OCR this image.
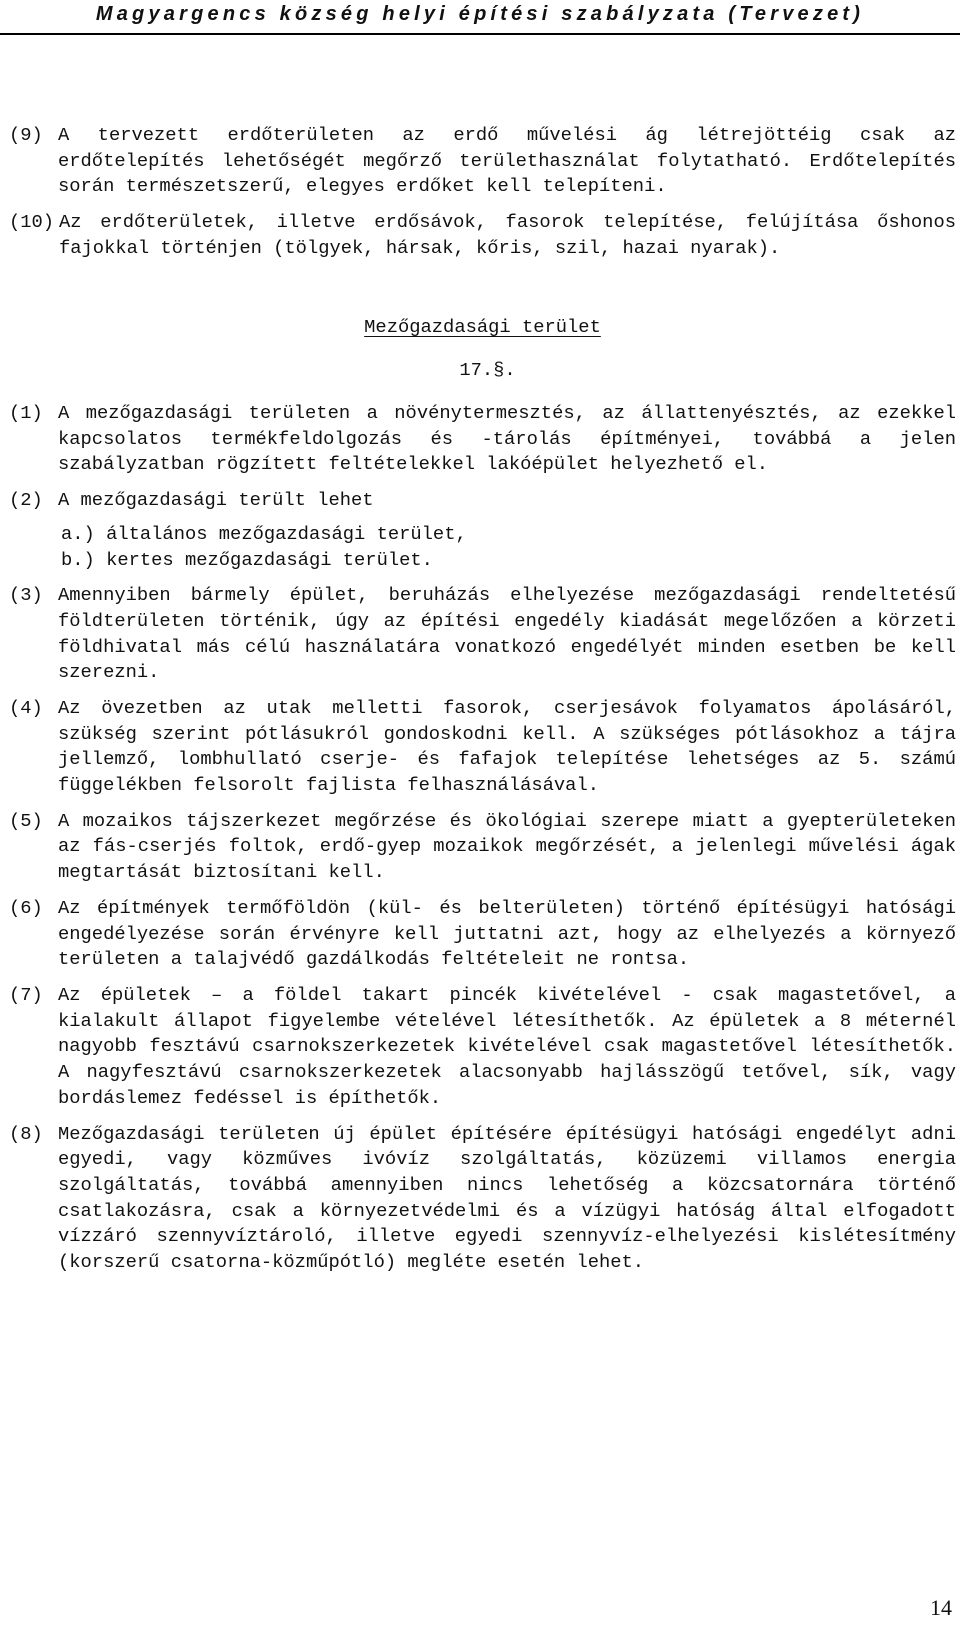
Magyargencs község helyi építési szabályzata (Tervezet)
(9) A tervezett erdőterületen az erdő művelési ág létrejöttéig csak az erdőtelepítés lehetőségét megőrző területhasználat folytatható. Erdőtelepítés során természetszerű, elegyes erdőket kell telepíteni.
(10) Az erdőterületek, illetve erdősávok, fasorok telepítése, felújítása őshonos fajokkal történjen (tölgyek, hársak, kőris, szil, hazai nyarak).
Mezőgazdasági terület
17.§.
(1) A mezőgazdasági területen a növénytermesztés, az állattenyésztés, az ezekkel kapcsolatos termékfeldolgozás és -tárolás építményei, továbbá a jelen szabályzatban rögzített feltételekkel lakóépület helyezhető el.
(2) A mezőgazdasági terült lehet
a.) általános mezőgazdasági terület,
b.) kertes mezőgazdasági terület.
(3) Amennyiben bármely épület, beruházás elhelyezése mezőgazdasági rendeltetésű földterületen történik, úgy az építési engedély kiadását megelőzően a körzeti földhivatal más célú használatára vonatkozó engedélyét minden esetben be kell szerezni.
(4) Az övezetben az utak melletti fasorok, cserjesávok folyamatos ápolásáról, szükség szerint pótlásukról gondoskodni kell. A szükséges pótlásokhoz a tájra jellemző, lombhullató cserje- és fafajok telepítése lehetséges az 5. számú függelékben felsorolt fajlista felhasználásával.
(5) A mozaikos tájszerkezet megőrzése és ökológiai szerepe miatt a gyepterületeken az fás-cserjés foltok, erdő-gyep mozaikok megőrzését, a jelenlegi művelési ágak megtartását biztosítani kell.
(6) Az építmények termőföldön (kül- és belterületen) történő építésügyi hatósági engedélyezése során érvényre kell juttatni azt, hogy az elhelyezés a környező területen a talajvédő gazdálkodás feltételeit ne rontsa.
(7) Az épületek – a földel takart pincék kivételével - csak magastetővel, a kialakult állapot figyelembe vételével létesíthetők. Az épületek a 8 méternél nagyobb fesztávú csarnokszerkezetek kivételével csak magastetővel létesíthetők. A nagyfesztávú csarnokszerkezetek alacsonyabb hajlásszögű tetővel, sík, vagy bordáslemez fedéssel is építhetők.
(8) Mezőgazdasági területen új épület építésére építésügyi hatósági engedélyt adni egyedi, vagy közműves ivóvíz szolgáltatás, közüzemi villamos energia szolgáltatás, továbbá amennyiben nincs lehetőség a közcsatornára történő csatlakozásra, csak a környezetvédelmi és a vízügyi hatóság által elfogadott vízzáró szennyvíztároló, illetve egyedi szennyvíz-elhelyezési kislétesítmény (korszerű csatorna-közműpótló) megléte esetén lehet.
14
